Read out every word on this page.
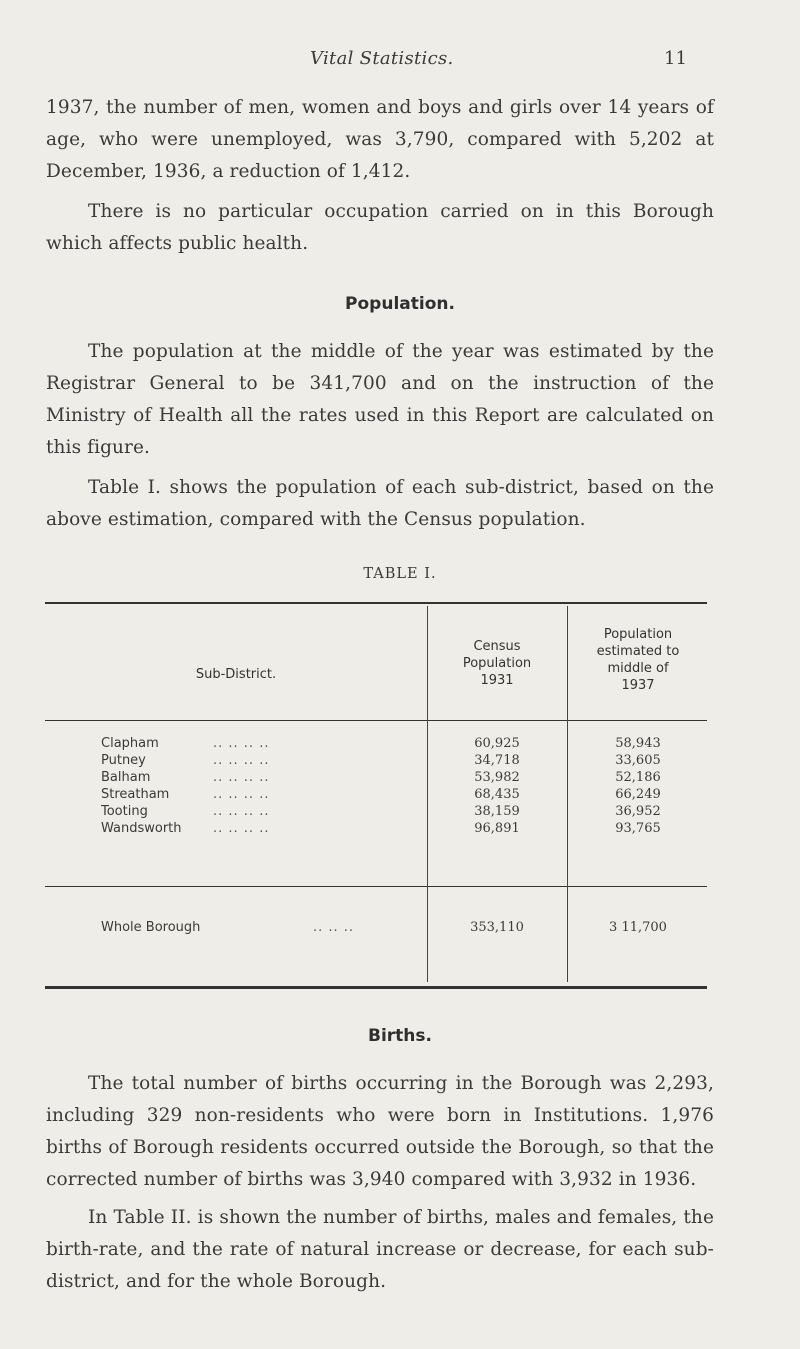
Vital Statistics.	11

1937, the number of men, women and boys and girls over 14 years of age, who were unemployed, was 3,790, compared with 5,202 at December, 1936, a reduction of 1,412.

There is no particular occupation carried on in this Borough which affects public health.

Population.

The population at the middle of the year was estimated by the Registrar General to be 341,700 and on the instruction of the Ministry of Health all the rates used in this Report are calculated on this figure.

Table I. shows the population of each sub-district, based on the above estimation, compared with the Census population.

TABLE I.
Sub-District.
Census
Population
1931
Population
estimated to
middle of
1937
Clapham	.. .. .. ..	60,925	58,943
Putney	.. .. .. ..	34,718	33,605
Balham	.. .. .. ..	53,982	52,186
Streatham	.. .. .. ..	68,435	66,249
Tooting	.. .. .. ..	38,159	36,952
Wandsworth .. .. .. ..	96,891	93,765
Whole Borough	.. .. ..	353,110	3 11,700
Births.

The total number of births occurring in the Borough was 2,293, including 329 non-residents who were born in Institutions. 1,976 births of Borough residents occurred outside the Borough, so that the corrected number of births was 3,940 compared with 3,932 in 1936.

In Table II. is shown the number of births, males and females, the birth-rate, and the rate of natural increase or decrease, for each sub-district, and for the whole Borough.
